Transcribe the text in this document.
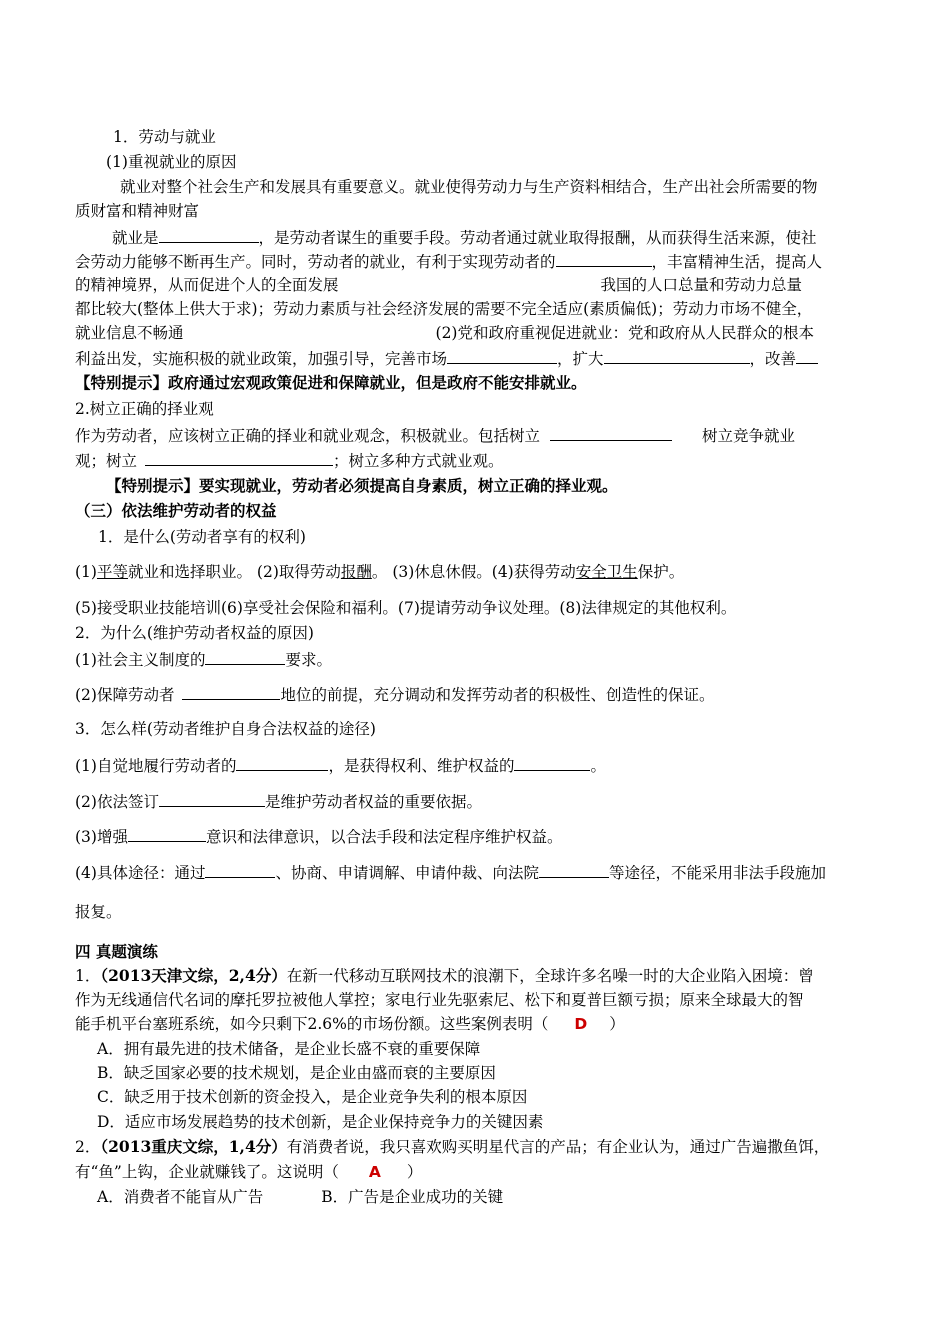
1．劳动与就业
(1)重视就业的原因
就业对整个社会生产和发展具有重要意义。就业使得劳动力与生产资料相结合，生产出社会所需要的物
质财富和精神财富
就业是	，是劳动者谋生的重要手段。劳动者通过就业取得报酬，从而获得生活来源，使社
会劳动力能够不断再生产。同时，劳动者的就业，有利于实现劳动者的	，丰富精神生活，提高人
的精神境界，从而促进个人的全面发展	我国的人口总量和劳动力总量
都比较大(整体上供大于求)；劳动力素质与社会经济发展的需要不完全适应(素质偏低)；劳动力市场不健全，
就业信息不畅通	(2)党和政府重视促进就业：党和政府从人民群众的根本
利益出发，实施积极的就业政策，加强引导，完善市场	，扩大	，改善
【特别提示】政府通过宏观政策促进和保障就业，但是政府不能安排就业。
2.树立正确的择业观
作为劳动者，应该树立正确的择业和就业观念，积极就业。包括树立	树立竞争就业
观；树立	；树立多种方式就业观。
【特别提示】要实现就业，劳动者必须提高自身素质，树立正确的择业观。
（三）依法维护劳动者的权益
1．是什么(劳动者享有的权利)
(1)平等就业和选择职业。 (2)取得劳动报酬。 (3)休息休假。(4)获得劳动安全卫生保护。
(5)接受职业技能培训(6)享受社会保险和福利。(7)提请劳动争议处理。(8)法律规定的其他权利。
2．为什么(维护劳动者权益的原因)
(1)社会主义制度的	要求。
(2)保障劳动者	地位的前提，充分调动和发挥劳动者的积极性、创造性的保证。
3．怎么样(劳动者维护自身合法权益的途径)
(1)自觉地履行劳动者的	，是获得权利、维护权益的	。
(2)依法签订	是维护劳动者权益的重要依据。
(3)增强	意识和法律意识，以合法手段和法定程序维护权益。
(4)具体途径：通过	、协商、申请调解、申请仲裁、向法院	等途径，不能采用非法手段施加
报复。
四 真题演练
1．（2013天津文综，2,4分）在新一代移动互联网技术的浪潮下，全球许多名噪一时的大企业陷入困境：曾
作为无线通信代名词的摩托罗拉被他人掌控；家电行业先驱索尼、松下和夏普巨额亏损；原来全球最大的智
能手机平台塞班系统，如今只剩下2.6%的市场份额。这些案例表明（ D ）
A．拥有最先进的技术储备，是企业长盛不衰的重要保障
B．缺乏国家必要的技术规划，是企业由盛而衰的主要原因
C．缺乏用于技术创新的资金投入，是企业竞争失利的根本原因
D．适应市场发展趋势的技术创新，是企业保持竞争力的关键因素
2．（2013重庆文综，1,4分）有消费者说，我只喜欢购买明星代言的产品；有企业认为，通过广告遍撒鱼饵，
有“鱼”上钩，企业就赚钱了。这说明（ A ）
A．消费者不能盲从广告	B．广告是企业成功的关键
